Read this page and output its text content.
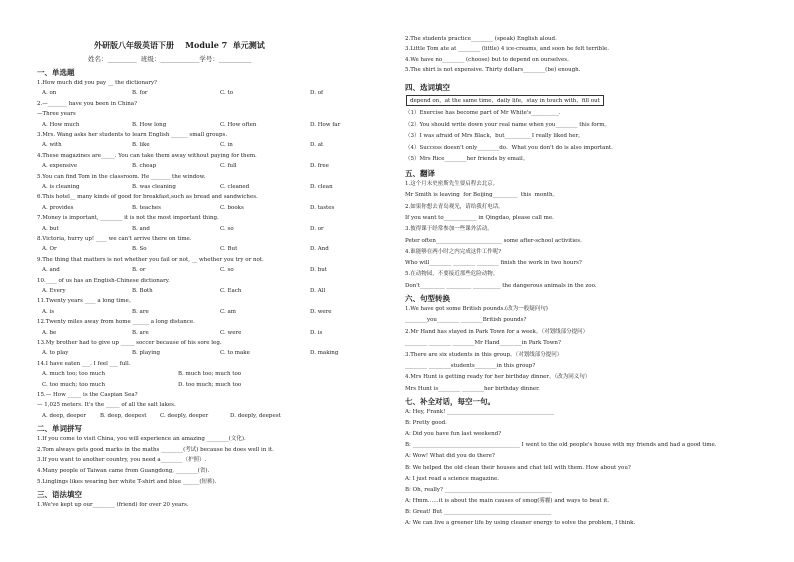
外研版八年级英语下册    Module 7  单元测试
姓名：_________  班级：____________学号：__________
一、单选题
1.How much did you pay __ the dictionary?
A. on	B. for	C. to	D. of
2.—_______ have you been in China?
—Three years
A. How much	B. How long	C. How often	D. How far
3.Mrs. Wang asks her students to learn English ______ small groups.
A. with	B. like	C. in	D. at
4.These magazines are_____. You can take them away without paying for them.
A. expensive	B. cheap	C. full	D. free
5.You can find Tom in the classroom. He _______ the window.
A. is cleaning	B. was cleaning	C. cleaned	D. clean
6.This hotel__ many kinds of good for breakfast,such as bread and sandwiches.
A. provides	B. teaches	C. books	D. tastes
7.Money is important, ________ it is not the most important thing.
A. but	B. and	C. so	D. or
8.Victoria, hurry up! ____ we can't arrive there on time.
A. Or	B. So	C. But	D. And
9.The thing that matters is not whether you fail or not, __ whether you try or not.
A. and	B. or	C. so	D. but
10.____ of us has an English-Chinese dictionary.
A. Every	B. Both	C. Each	D. All
11.Twenty years ____ a long time。
A. is	B. are	C. am	D. were
12.Twenty miles away from home ______ a long distance.
A. be	B. are	C. were	D. is
13.My brother had to give up _____ soccer because of his sore leg.
A. to play	B. playing	C. to make	D. making
14.I have eaten ___. I feel ___ full.
A. much too; too much	B. much too; much too
C. too much; too much	D. too much; much too
15.— How _____ is the Caspian Sea?
— 1,025 meters. It's the _____ of all the salt lakes.
A. deep, deeper	B. deep, deepest C. deeply, deeper	D. deeply, deepest
二、单词拼写
1.If you come to visit China, you will experience an amazing ________(文化).
2.Tom always gets good marks in the maths ________(考试) because he does well in it.
3.If you want to another country, you need a________（护照）.
4.Many people of Taiwan came from Guangdong, ________(省).
5.Linglings likes wearing her white T-shirt and blue ______(短裤).
三、语法填空
1.We've kept up our________ (friend) for over 20 years.
2.The students practice________ (speak) English aloud.
3.Little Tom ate at ________ (little) 4 ice-creams, and soon he felt terrible.
4.We have no________ (choose) but to depend on ourselves.
5.The shirt is not expensive. Thirty dollars________(be) enough.
四、选词填空
depend on，at the same time，daily life，stay in touch with，fill out
（1）Exercise has become part of Mr White's__________.
（2）You should write down your real name when you________ this form。
（3）I was afraid of Mrs Black，but__________I really liked her。
（4）Success doesn't only________do．What you don't do is also important.
（5）Mrs Rice________her friends by email。
五、翻译
1.这个月末史密斯先生要启程去北京。
Mr Smith is leaving  for Beijing_________  this  month。
2.如果你想去青岛观光，请给我打电话。
If you want to____________ in Qingdao, please call me.
3.彼得课于经常参加一些课外活动。
Peter often________________________ some after-school activities.
4.谁能够在两小时之内完成这件工作呢?
Who will________ ________ ________ finish the work in two hours?
5.在动物园，不要接近那些危险动物。
Don't_________ _________ __________ the dangerous animals in the zoo.
六、句型转换
1.We have got some British pounds.(改为一般疑问句)
________you________ ________British pounds?
2.Mr Hand has stayed in Park Town for a week。（对划线部分提问）
________ ________ ________Mr Hand________in Park Town?
3.There are six students in this group。（对划线部分提问）
________ ________students________in this group?
4.Mrs Hunt is getting ready for her birthday dinner。（改为同义句）
Mrs Hunt is________ ________her birthday dinner.
七、补全对话，每空一句。
A: Hey, Frank! _______________________________________
B: Pretty good.
A: Did you have fun last weekend?
B: _______________________________________ I went to the old people's house with my friends and had a good time.
A: Wow! What did you do there?
B: We helped the old clean their houses and chat tell with them. How about you?
A: I just read a science magazine.
B: Oh, really? _______________________________________
A: Hmm……it is about the main causes of smog(雾霾) and ways to beat it.
B: Great! But _______________________________________
A: We can live a greener life by using cleaner energy to solve the problem, I think.
